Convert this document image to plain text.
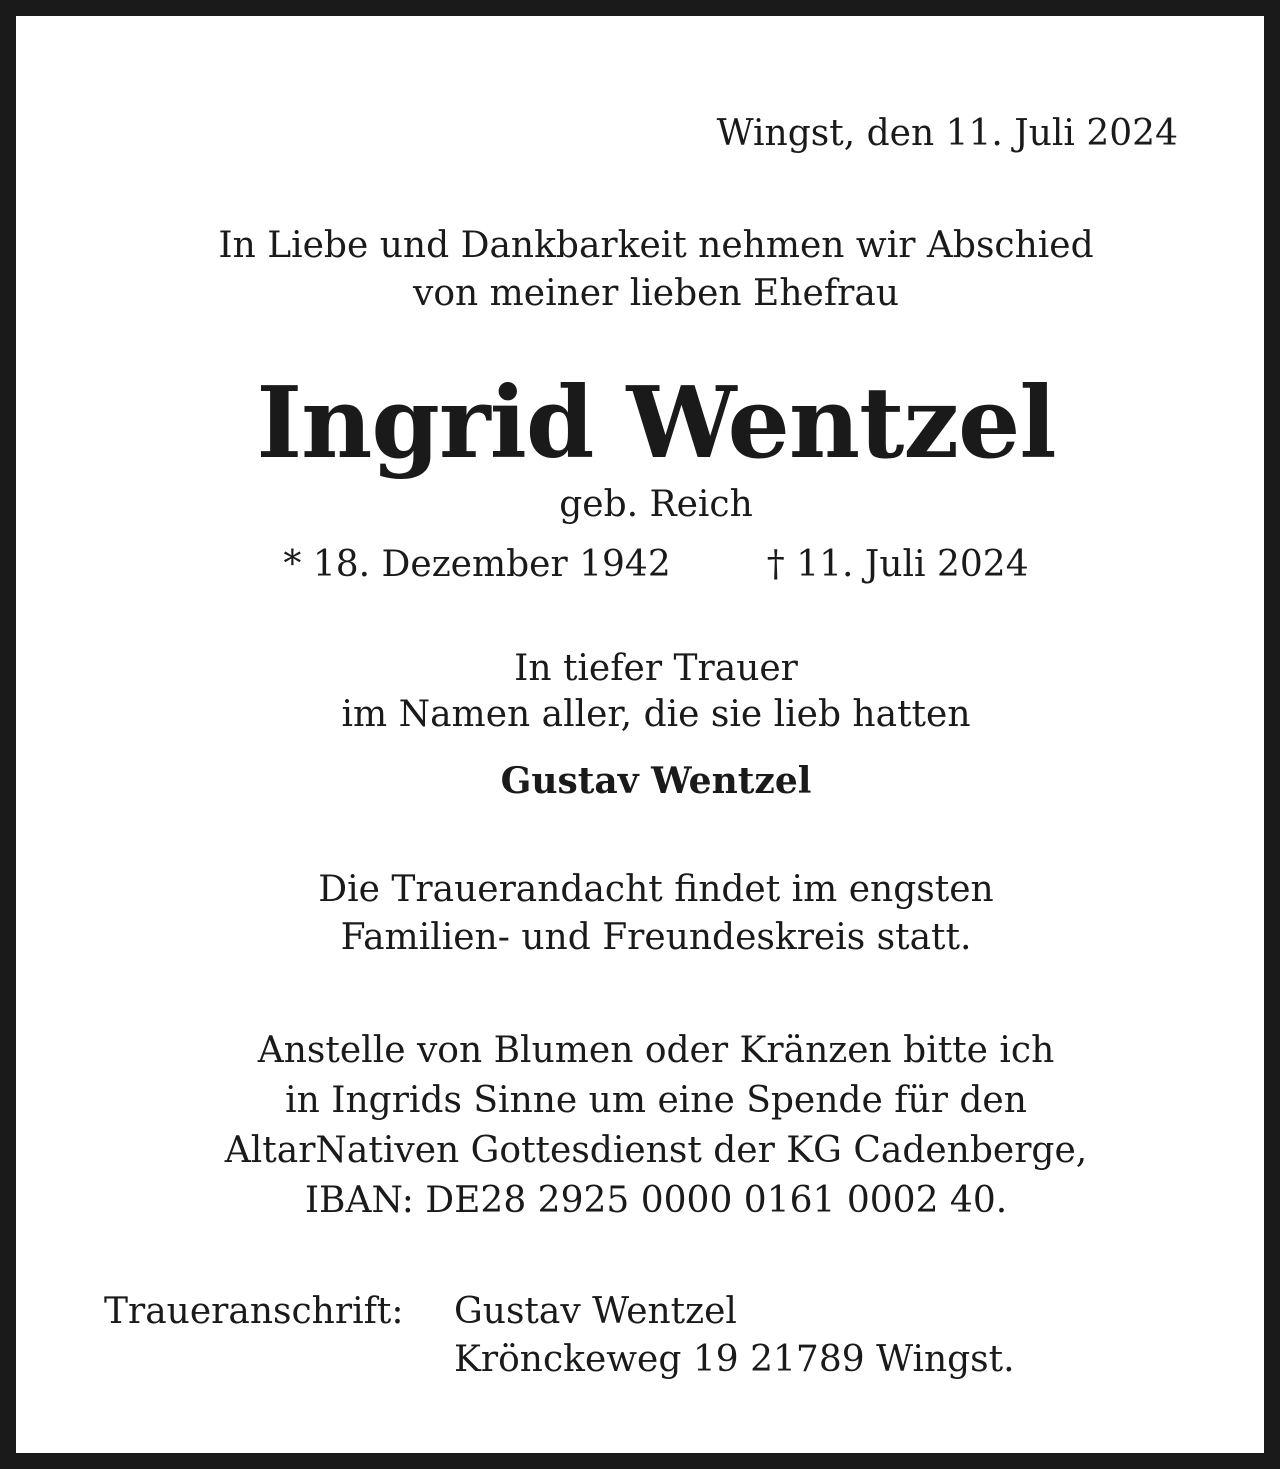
Wingst, den 11. Juli 2024
In Liebe und Dankbarkeit nehmen wir Abschied
von meiner lieben Ehefrau
Ingrid Wentzel
geb. Reich
* 18. Dezember 1942	† 11. Juli 2024
In tiefer Trauer
im Namen aller, die sie lieb hatten
Gustav Wentzel
Die Trauerandacht findet im engsten
Familien- und Freundeskreis statt.
Anstelle von Blumen oder Kränzen bitte ich
in Ingrids Sinne um eine Spende für den
AltarNativen Gottesdienst der KG Cadenberge,
IBAN: DE28 2925 0000 0161 0002 40.
Traueranschrift:	Gustav Wentzel
Krönckeweg 19 21789 Wingst.
